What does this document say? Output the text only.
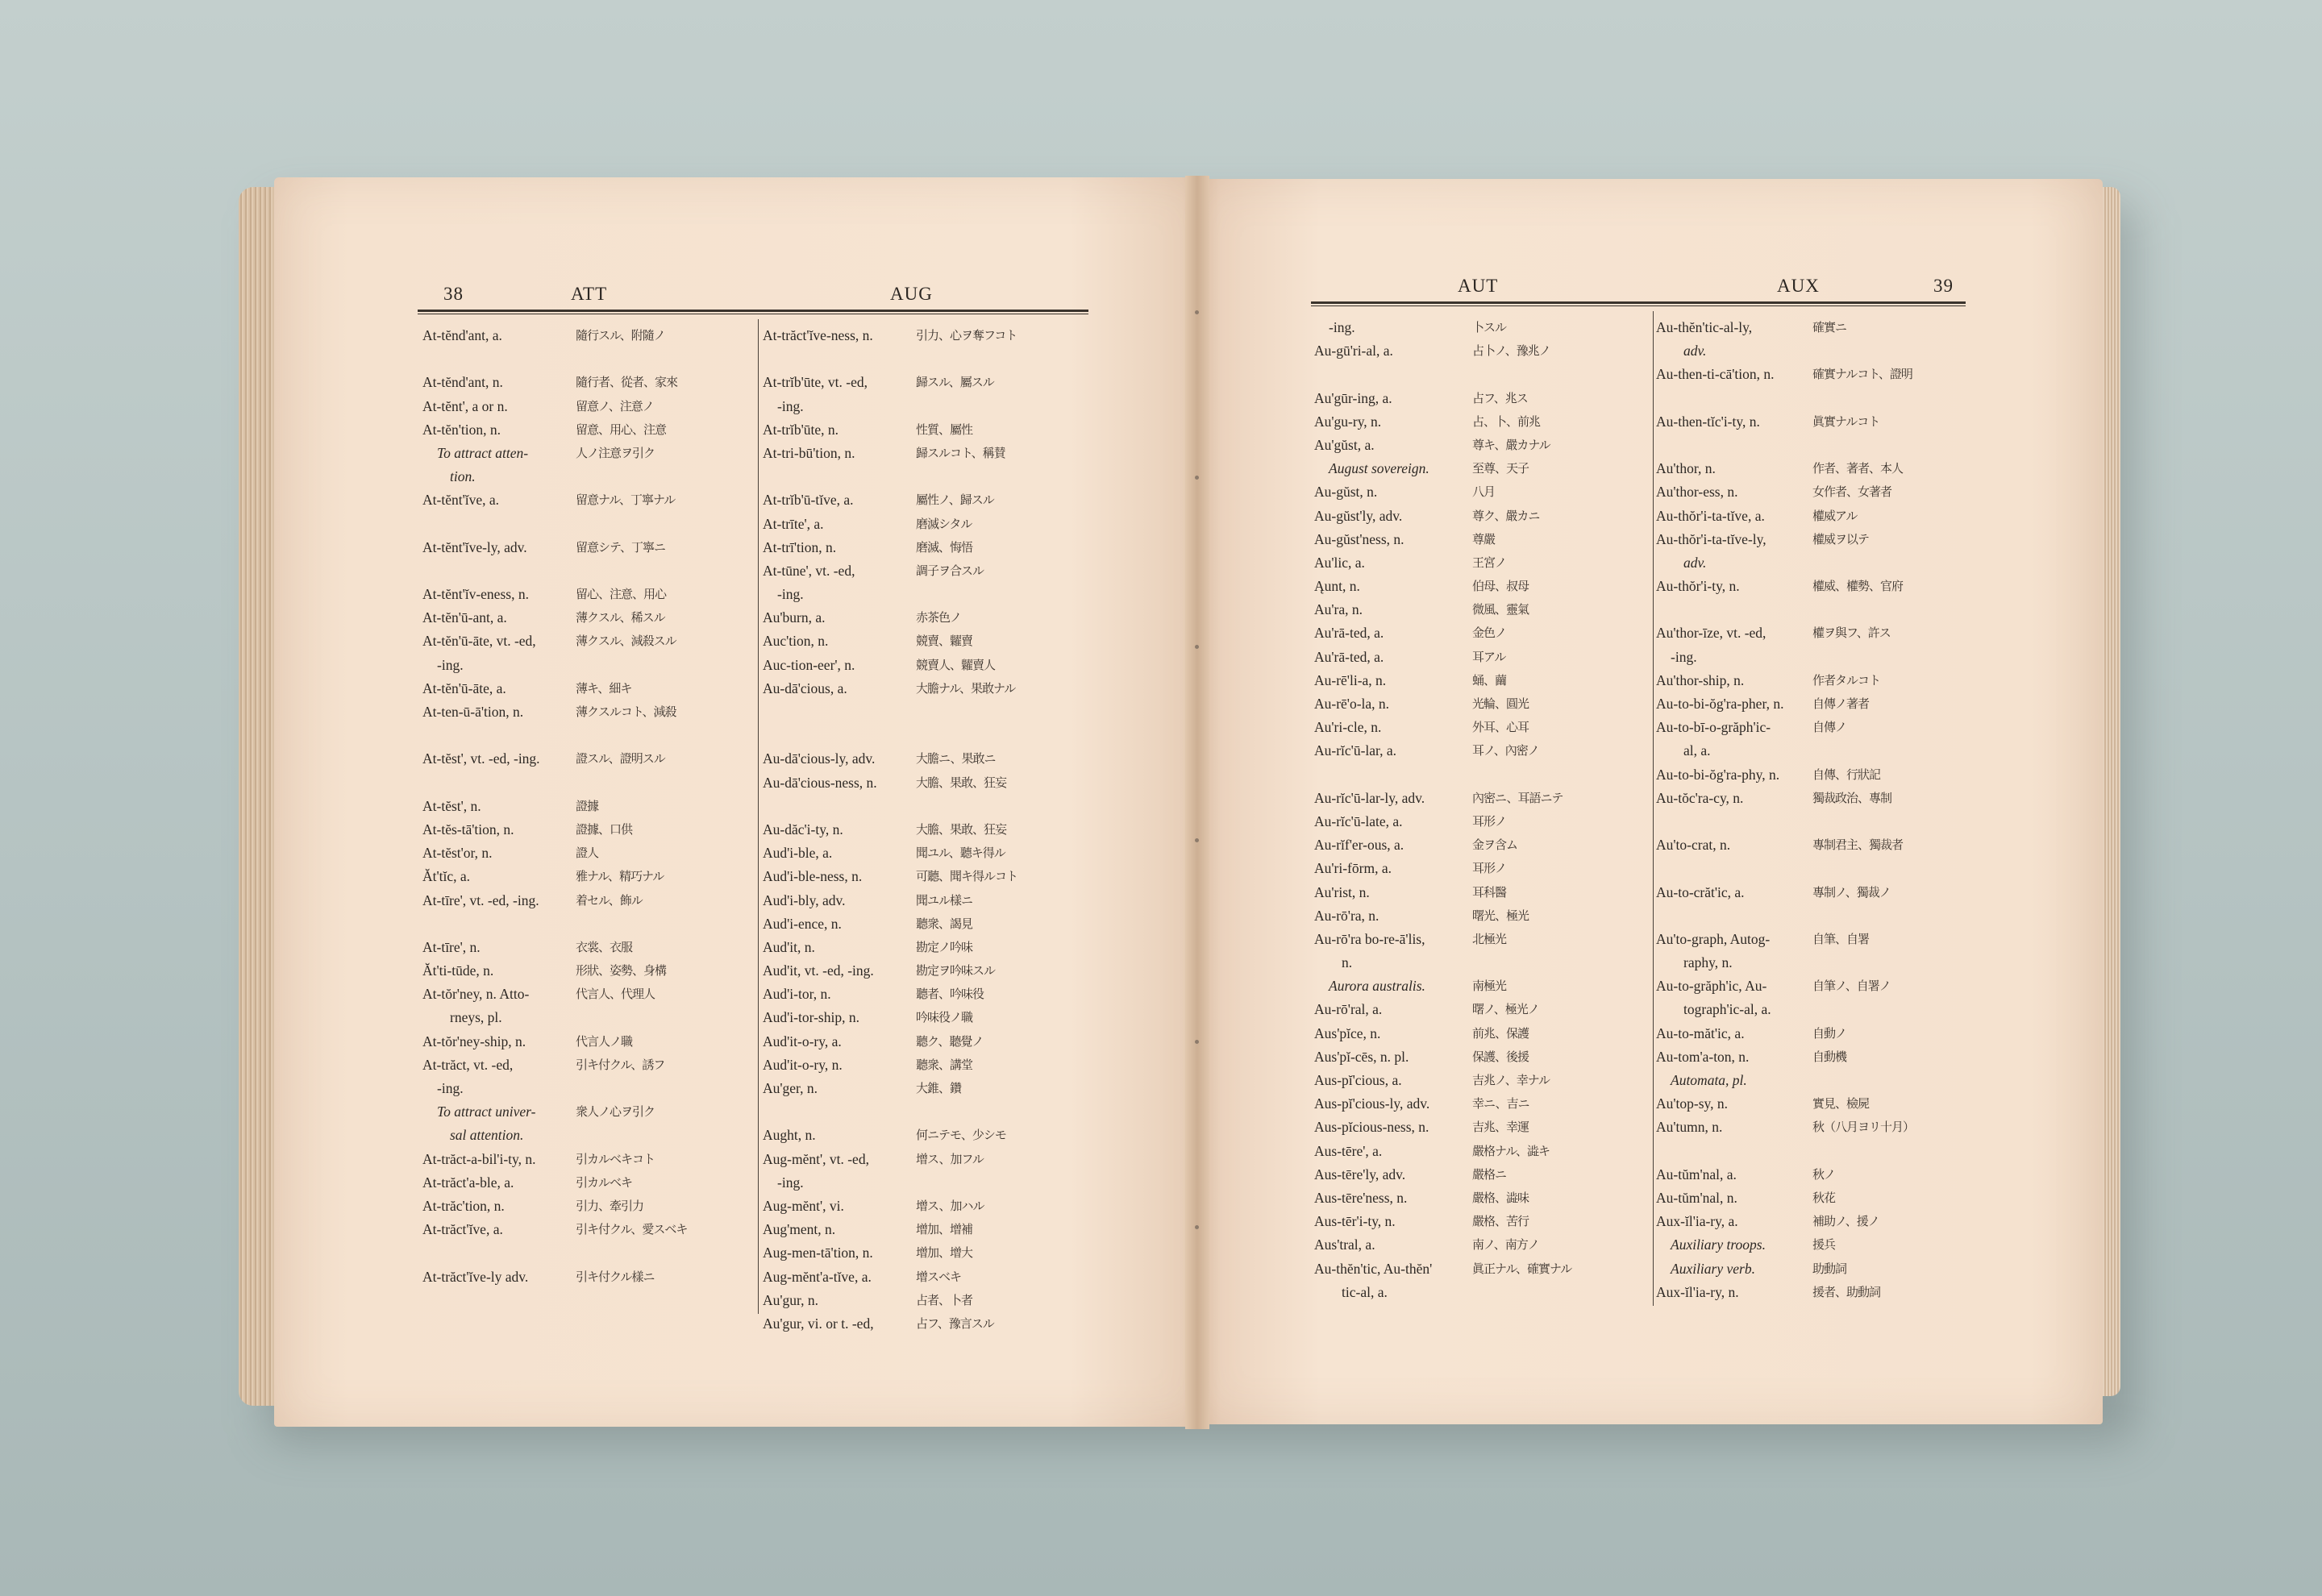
38	ATT	AUG	AUT	AUX	39
At-tĕnd'ant, a.	隨行スル、附隨ノ
At-tĕnd'ant, n.	隨行者、從者、家來
At-tĕnt', a or n.	留意ノ、注意ノ
At-tĕn'tion, n.	留意、用心、注意
To attract atten-	人ノ注意ヲ引ク
tion.
At-tĕnt'ĭve, a.	留意ナル、丁寧ナル
At-tĕnt'ĭve-ly, adv.	留意シテ、丁寧ニ
At-tĕnt'ĭv-eness, n.	留心、注意、用心
At-tĕn'ū-ant, a.	薄クスル、稀スル
At-tĕn'ū-āte, vt. -ed,	薄クスル、減殺スル
-ing.
At-tĕn'ū-āte, a.	薄キ、細キ
At-ten-ū-ā'tion, n.	薄クスルコト、減殺
At-tĕst', vt. -ed, -ing.	證スル、證明スル
At-tĕst', n.	證據
At-tĕs-tā'tion, n.	證據、口供
At-tĕst'or, n.	證人
Ăt'tĭc, a.	雅ナル、精巧ナル
At-tīre', vt. -ed, -ing.	着セル、飾ル
At-tīre', n.	衣裳、衣服
Ăt'ti-tūde, n.	形狀、姿勢、身構
At-tŏr'ney, n. Atto-	代言人、代理人
rneys, pl.
At-tŏr'ney-ship, n.	代言人ノ職
At-trăct, vt. -ed,	引キ付クル、誘フ
-ing.
To attract univer-	衆人ノ心ヲ引ク
sal attention.
At-trăct-a-bil'i-ty, n.	引カルベキコト
At-trăct'a-ble, a.	引カルベキ
At-trăc'tion, n.	引力、牽引力
At-trăct'ĭve, a.	引キ付クル、愛スベキ
At-trăct'ĭve-ly adv.	引キ付クル樣ニ
At-trăct'ĭve-ness, n.	引力、心ヲ奪フコト
At-trĭb'ūte, vt. -ed,	歸スル、屬スル
-ing.
At-trĭb'ūte, n.	性質、屬性
At-tri-bū'tion, n.	歸スルコト、稱賛
At-trĭb'ū-tĭve, a.	屬性ノ、歸スル
At-trīte', a.	磨滅シタル
At-trī'tion, n.	磨滅、悔悟
At-tūne', vt. -ed,	調子ヲ合スル
-ing.
Au'burn, a.	赤茶色ノ
Auc'tion, n.	競賣、糶賣
Auc-tion-eer', n.	競賣人、糶賣人
Au-dā'cious, a.	大膽ナル、果敢ナル
Au-dā'cious-ly, adv.	大膽ニ、果敢ニ
Au-dā'cious-ness, n.	大膽、果敢、狂妄
Au-dăc'i-ty, n.	大膽、果敢、狂妄
Aud'i-ble, a.	聞ユル、聽キ得ル
Aud'i-ble-ness, n.	可聽、聞キ得ルコト
Aud'i-bly, adv.	聞ユル樣ニ
Aud'i-ence, n.	聽衆、謁見
Aud'it, n.	勘定ノ吟味
Aud'it, vt. -ed, -ing.	勘定ヲ吟味スル
Aud'i-tor, n.	聽者、吟味役
Aud'i-tor-ship, n.	吟味役ノ職
Aud'it-o-ry, a.	聽ク、聽覺ノ
Aud'it-o-ry, n.	聽衆、講堂
Au'ger, n.	大錐、鑽
Aught, n.	何ニテモ、少シモ
Aug-mĕnt', vt. -ed,	增ス、加フル
-ing.
Aug-mĕnt', vi.	增ス、加ハル
Aug'ment, n.	增加、增補
Aug-men-tā'tion, n.	增加、增大
Aug-mĕnt'a-tĭve, a.	增スベキ
Au'gur, n.	占者、卜者
Au'gur, vi. or t. -ed,	占フ、豫言スル
-ing.	卜スル
Au-gū'ri-al, a.	占卜ノ、豫兆ノ
Au'gūr-ing, a.	占フ、兆ス
Au'gu-ry, n.	占、卜、前兆
Au'gŭst, a.	尊キ、嚴カナル
August sovereign.	至尊、天子
Au-gŭst, n.	八月
Au-gŭst'ly, adv.	尊ク、嚴カニ
Au-gŭst'ness, n.	尊嚴
Au'lic, a.	王宮ノ
Ąunt, n.	伯母、叔母
Au'ra, n.	微風、靈氣
Au'rā-ted, a.	金色ノ
Au'rā-ted, a.	耳アル
Au-rē'li-a, n.	蛹、繭
Au-rē'o-la, n.	光輪、圓光
Au'ri-cle, n.	外耳、心耳
Au-rĭc'ū-lar, a.	耳ノ、內密ノ
Au-rĭc'ū-lar-ly, adv.	內密ニ、耳語ニテ
Au-rĭc'ū-late, a.	耳形ノ
Au-rĭf'er-ous, a.	金ヲ含ム
Au'ri-fōrm, a.	耳形ノ
Au'rist, n.	耳科醫
Au-rō'ra, n.	曙光、極光
Au-rō'ra bo-re-ā'lis,	北極光
n.
Aurora australis.	南極光
Au-rō'ral, a.	曙ノ、極光ノ
Aus'pĭce, n.	前兆、保護
Aus'pĭ-cēs, n. pl.	保護、後援
Aus-pĭ'cious, a.	吉兆ノ、幸ナル
Aus-pĭ'cious-ly, adv.	幸ニ、吉ニ
Aus-pĭcious-ness, n.	吉兆、幸運
Aus-tēre', a.	嚴格ナル、澁キ
Aus-tēre'ly, adv.	嚴格ニ
Aus-tēre'ness, n.	嚴格、澁味
Aus-tēr'i-ty, n.	嚴格、苦行
Aus'tral, a.	南ノ、南方ノ
Au-thĕn'tic, Au-thĕn'	眞正ナル、確實ナル
tic-al, a.
Au-thĕn'tic-al-ly,	確實ニ
adv.
Au-then-ti-cā'tion, n.	確實ナルコト、證明
Au-then-tĭc'i-ty, n.	眞實ナルコト
Au'thor, n.	作者、著者、本人
Au'thor-ess, n.	女作者、女著者
Au-thŏr'i-ta-tĭve, a.	權威アル
Au-thŏr'i-ta-tĭve-ly,	權威ヲ以テ
adv.
Au-thŏr'i-ty, n.	權威、權勢、官府
Au'thor-īze, vt. -ed,	權ヲ與フ、許ス
-ing.
Au'thor-ship, n.	作者タルコト
Au-to-bi-ŏg'ra-pher, n.	自傳ノ著者
Au-to-bī-o-grăph'ic-	自傳ノ
al, a.
Au-to-bi-ŏg'ra-phy, n.	自傳、行狀記
Au-tŏc'ra-cy, n.	獨裁政治、專制
Au'to-crat, n.	專制君主、獨裁者
Au-to-crăt'ic, a.	專制ノ、獨裁ノ
Au'to-graph, Autog-	自筆、自署
raphy, n.
Au-to-grăph'ic, Au-	自筆ノ、自署ノ
tograph'ic-al, a.
Au-to-măt'ic, a.	自動ノ
Au-tom'a-ton, n.	自動機
Automata, pl.
Au'top-sy, n.	實見、檢屍
Au'tumn, n.	秋（八月ヨリ十月）
Au-tŭm'nal, a.	秋ノ
Au-tŭm'nal, n.	秋花
Aux-ĭl'ia-ry, a.	補助ノ、援ノ
Auxiliary troops.	援兵
Auxiliary verb.	助動詞
Aux-ĭl'ia-ry, n.	援者、助動詞
